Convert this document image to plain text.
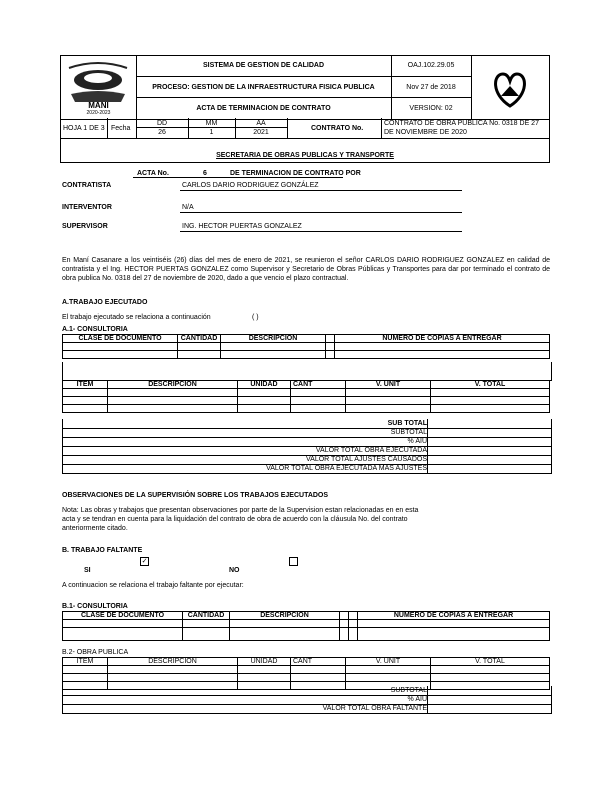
MANI
2020-2023
SISTEMA DE GESTION DE CALIDAD
PROCESO: GESTION DE LA INFRAESTRUCTURA FISICA PUBLICA
ACTA DE TERMINACION DE CONTRATO
OAJ.102.29.05
Nov 27 de 2018
VERSION: 02
HOJA 1 DE 3 Fecha
DD
26
MM
1
AA
2021
CONTRATO No.
CONTRATO DE OBRA PUBLICA No. 0318 DE 27 DE NOVIEMBRE DE 2020
SECRETARIA DE OBRAS PUBLICAS Y TRANSPORTE
ACTA No.	6	DE TERMINACION DE CONTRATO POR
CONTRATISTA	CARLOS DARIO RODRIGUEZ GONZÁLEZ
INTERVENTOR	N/A
SUPERVISOR	ING. HECTOR PUERTAS GONZALEZ
En Maní Casanare a los veintiséis (26) días del mes de enero de 2021, se reunieron el señor CARLOS DARIO RODRIGUEZ GONZALEZ en calidad de contratista y el Ing. HECTOR PUERTAS GONZALEZ como Supervisor y Secretario de Obras Públicas y Transportes para dar por terminado el contrato de obra publica No. 0318 del 27 de noviembre de 2020, dado a que vencio el plazo contractual.
A.TRABAJO EJECUTADO
El trabajo ejecutado se relaciona a continuación	( )
A.1- CONSULTORIA
CLASE DE DOCUMENTO	CANTIDAD	DESCRIPCION		NUMERO DE COPIAS A ENTREGAR

ITEM	DESCRIPCION	UNIDAD	CANT	V. UNIT	V. TOTAL

SUB TOTAL
SUBTOTAL
% AIU
VALOR TOTAL OBRA EJECUTADA
VALOR TOTAL AJUSTES CAUSADOS
VALOR TOTAL OBRA EJECUTADA MAS AJUSTES
OBSERVACIONES DE LA SUPERVISIÓN SOBRE LOS TRABAJOS EJECUTADOS
Nota: Las obras y trabajos que presentan observaciones por parte de la Supervision estan relacionadas en en esta acta y se tendran en cuenta para la liquidación del contrato de obra de acuerdo con la cláusula No. del contrato anteriormente citado.
B. TRABAJO FALTANTE
✓
SI	NO
A continuacion se relaciona el trabajo faltante por ejecutar:
B.1- CONSULTORIA
CLASE DE DOCUMENTO	CANTIDAD	DESCRIPCION			NUMERO DE COPIAS A ENTREGAR

B.2- OBRA PUBLICA
ITEM	DESCRIPCION	UNIDAD	CANT	V. UNIT	V. TOTAL

SUBTOTAL
% AIU
VALOR TOTAL OBRA FALTANTE
